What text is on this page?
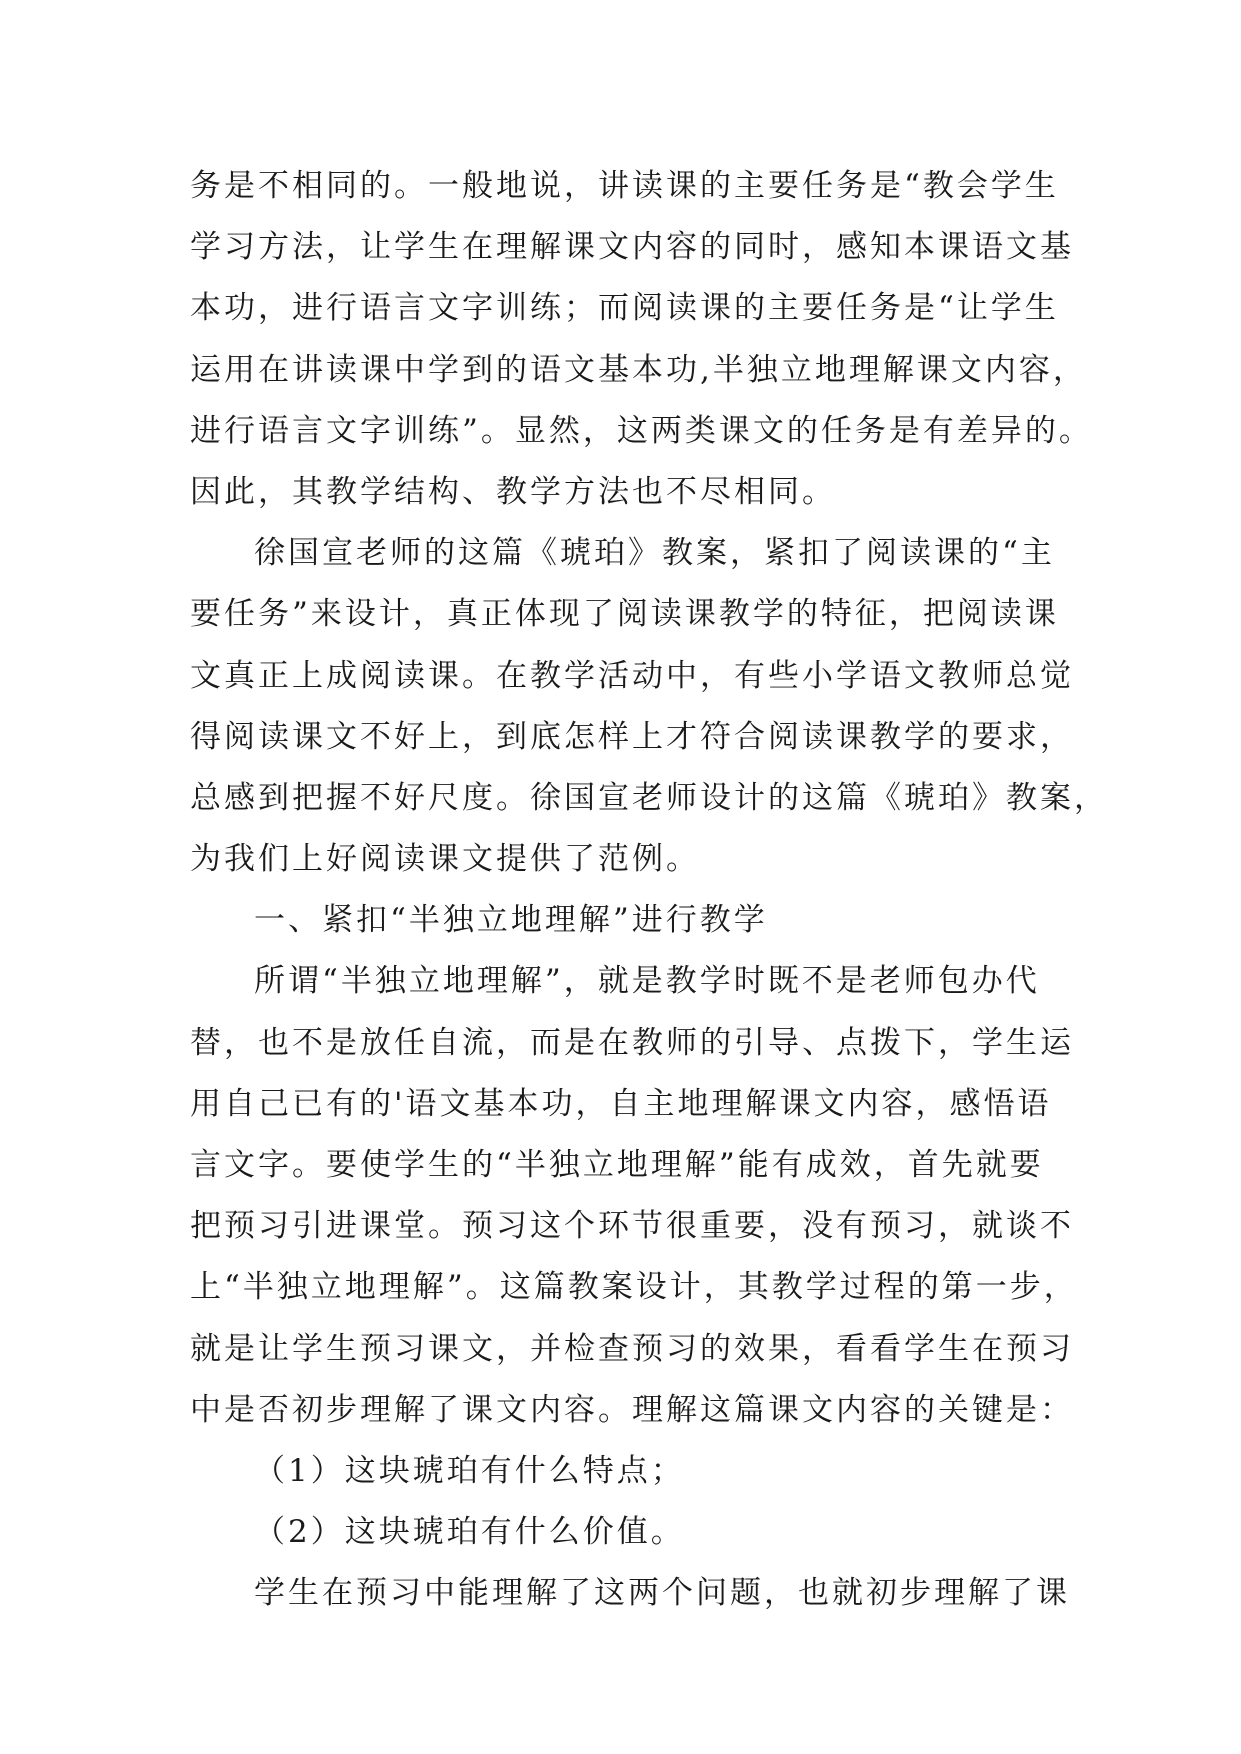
务是不相同的。一般地说，讲读课的主要任务是“教会学生
学习方法，让学生在理解课文内容的同时，感知本课语文基
本功，进行语言文字训练；而阅读课的主要任务是“让学生
运用在讲读课中学到的语文基本功,半独立地理解课文内容，
进行语言文字训练”。显然，这两类课文的任务是有差异的。
因此，其教学结构、教学方法也不尽相同。
徐国宣老师的这篇《琥珀》教案，紧扣了阅读课的“主
要任务”来设计，真正体现了阅读课教学的特征，把阅读课
文真正上成阅读课。在教学活动中，有些小学语文教师总觉
得阅读课文不好上，到底怎样上才符合阅读课教学的要求，
总感到把握不好尺度。徐国宣老师设计的这篇《琥珀》教案，
为我们上好阅读课文提供了范例。
一、紧扣“半独立地理解”进行教学
所谓“半独立地理解”，就是教学时既不是老师包办代
替，也不是放任自流，而是在教师的引导、点拨下，学生运
用自己已有的'语文基本功，自主地理解课文内容，感悟语
言文字。要使学生的“半独立地理解”能有成效，首先就要
把预习引进课堂。预习这个环节很重要，没有预习，就谈不
上“半独立地理解”。这篇教案设计，其教学过程的第一步，
就是让学生预习课文，并检查预习的效果，看看学生在预习
中是否初步理解了课文内容。理解这篇课文内容的关键是：
（1）这块琥珀有什么特点；
（2）这块琥珀有什么价值。
学生在预习中能理解了这两个问题，也就初步理解了课
